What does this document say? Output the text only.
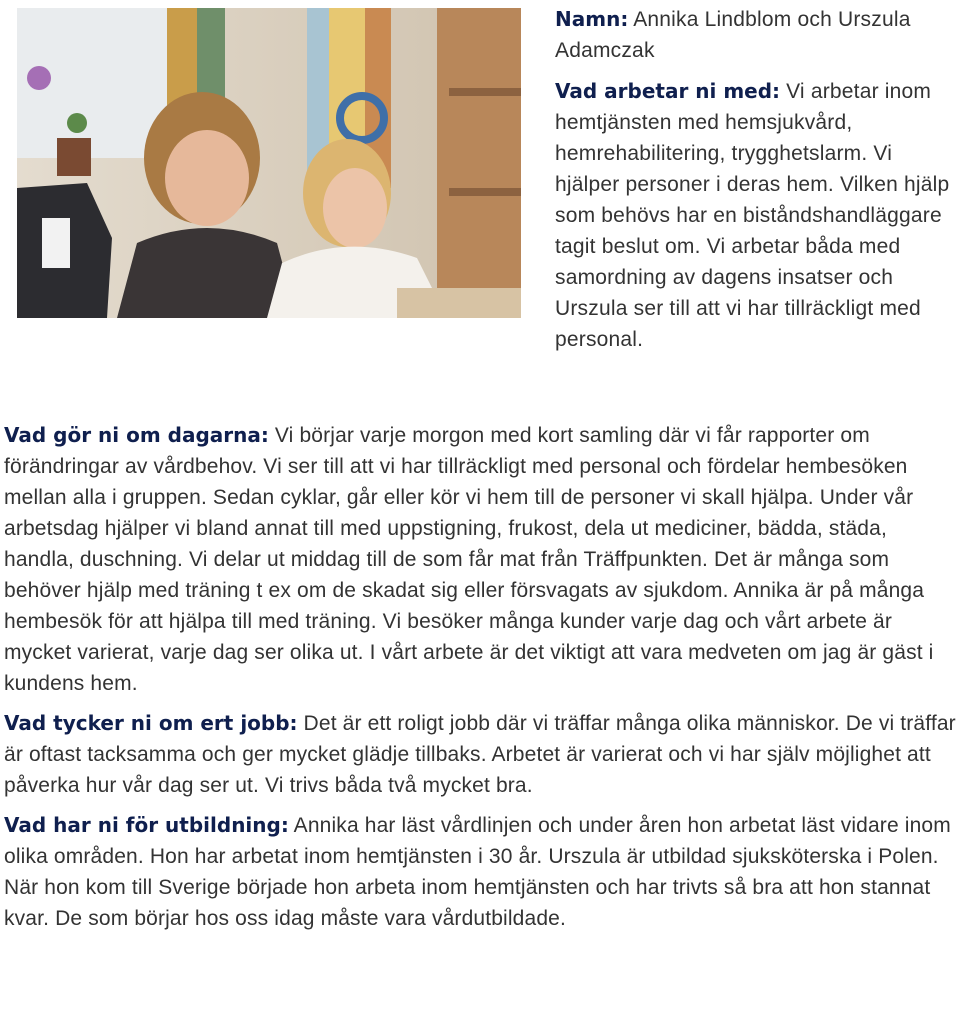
Namn: Annika Lindblom och Urszula Adamczak

Vad arbetar ni med: Vi arbetar inom hemtjänsten med hemsjukvård, hemrehabilitering, trygghetslarm. Vi hjälper personer i deras hem. Vilken hjälp som behövs har en biståndshandläggare tagit beslut om. Vi arbetar båda med samordning av dagens insatser och Urszula ser till att vi har tillräckligt med personal.

Vad gör ni om dagarna: Vi börjar varje morgon med kort samling där vi får rapporter om förändringar av vårdbehov. Vi ser till att vi har tillräckligt med personal och fördelar hembesöken mellan alla i gruppen. Sedan cyklar, går eller kör vi hem till de personer vi skall hjälpa. Under vår arbetsdag hjälper vi bland annat till med uppstigning, frukost, dela ut mediciner, bädda, städa, handla, duschning. Vi delar ut middag till de som får mat från Träffpunkten. Det är många som behöver hjälp med träning t ex om de skadat sig eller försvagats av sjukdom. Annika är på många hembesök för att hjälpa till med träning. Vi besöker många kunder varje dag och vårt arbete är mycket varierat, varje dag ser olika ut. I vårt arbete är det viktigt att vara medveten om jag är gäst i kundens hem.

Vad tycker ni om ert jobb: Det är ett roligt jobb där vi träffar många olika människor. De vi träffar är oftast tacksamma och ger mycket glädje tillbaks. Arbetet är varierat och vi har själv möjlighet att påverka hur vår dag ser ut. Vi trivs båda två mycket bra.

Vad har ni för utbildning: Annika har läst vårdlinjen och under åren hon arbetat läst vidare inom olika områden. Hon har arbetat inom hemtjänsten i 30 år. Urszula är utbildad sjuksköterska i Polen. När hon kom till Sverige började hon arbeta inom hemtjänsten och har trivts så bra att hon stannat kvar. De som börjar hos oss idag måste vara vårdutbildade.
